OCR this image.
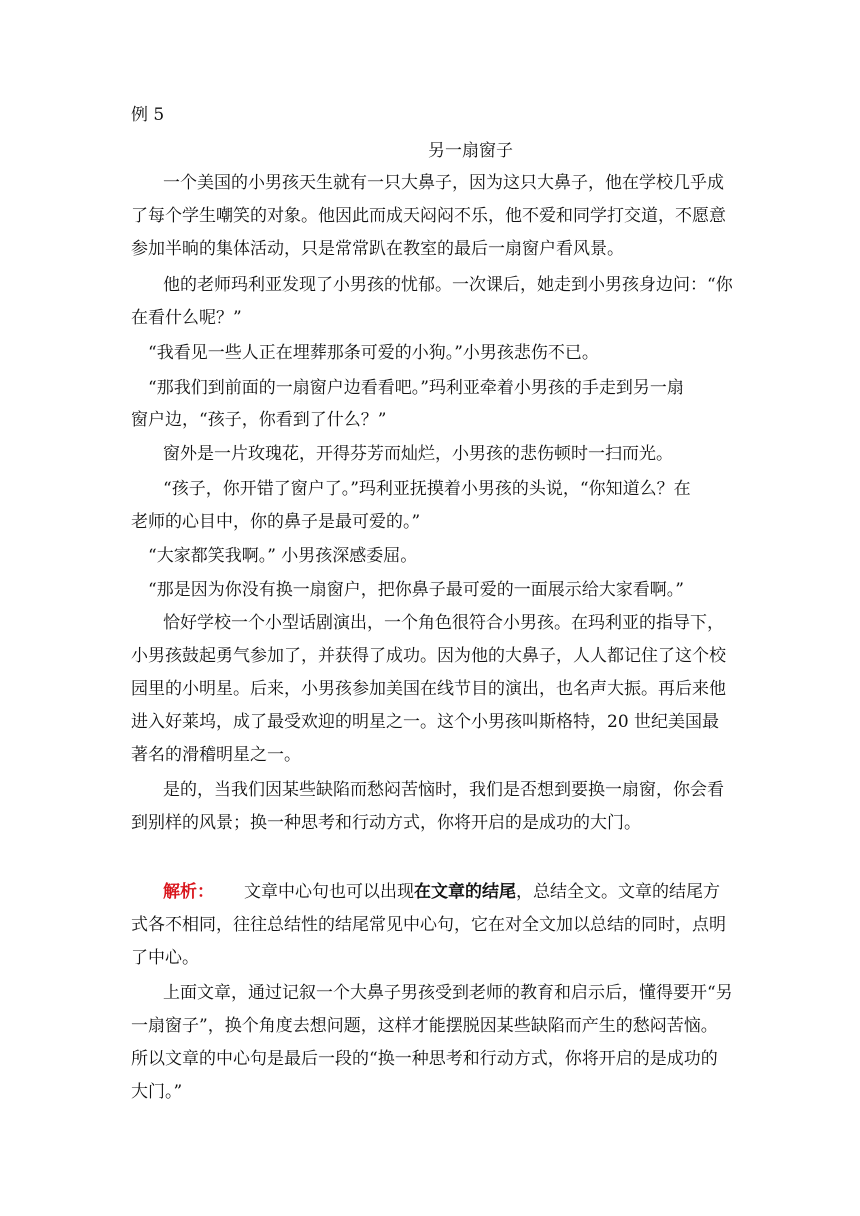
例 5
另一扇窗子
一个美国的小男孩天生就有一只大鼻子，因为这只大鼻子，他在学校几乎成
了每个学生嘲笑的对象。他因此而成天闷闷不乐，他不爱和同学打交道，不愿意
参加半晌的集体活动，只是常常趴在教室的最后一扇窗户看风景。
他的老师玛利亚发现了小男孩的忧郁。一次课后，她走到小男孩身边问：“你
在看什么呢？”
“我看见一些人正在埋葬那条可爱的小狗。”小男孩悲伤不已。
“那我们到前面的一扇窗户边看看吧。”玛利亚牵着小男孩的手走到另一扇
窗户边，“孩子，你看到了什么？”
窗外是一片玫瑰花，开得芬芳而灿烂，小男孩的悲伤顿时一扫而光。
“孩子，你开错了窗户了。”玛利亚抚摸着小男孩的头说，“你知道么？在
老师的心目中，你的鼻子是最可爱的。”
“大家都笑我啊。” 小男孩深感委屈。
“那是因为你没有换一扇窗户，把你鼻子最可爱的一面展示给大家看啊。”
恰好学校一个小型话剧演出，一个角色很符合小男孩。在玛利亚的指导下，
小男孩鼓起勇气参加了，并获得了成功。因为他的大鼻子，人人都记住了这个校
园里的小明星。后来，小男孩参加美国在线节目的演出，也名声大振。再后来他
进入好莱坞，成了最受欢迎的明星之一。这个小男孩叫斯格特，20 世纪美国最
著名的滑稽明星之一。
是的，当我们因某些缺陷而愁闷苦恼时，我们是否想到要换一扇窗，你会看
到别样的风景；换一种思考和行动方式，你将开启的是成功的大门。
解析： 文章中心句也可以出现在文章的结尾，总结全文。文章的结尾方
式各不相同，往往总结性的结尾常见中心句，它在对全文加以总结的同时，点明
了中心。
上面文章，通过记叙一个大鼻子男孩受到老师的教育和启示后，懂得要开“另
一扇窗子”，换个角度去想问题，这样才能摆脱因某些缺陷而产生的愁闷苦恼。
所以文章的中心句是最后一段的“换一种思考和行动方式，你将开启的是成功的
大门。”
